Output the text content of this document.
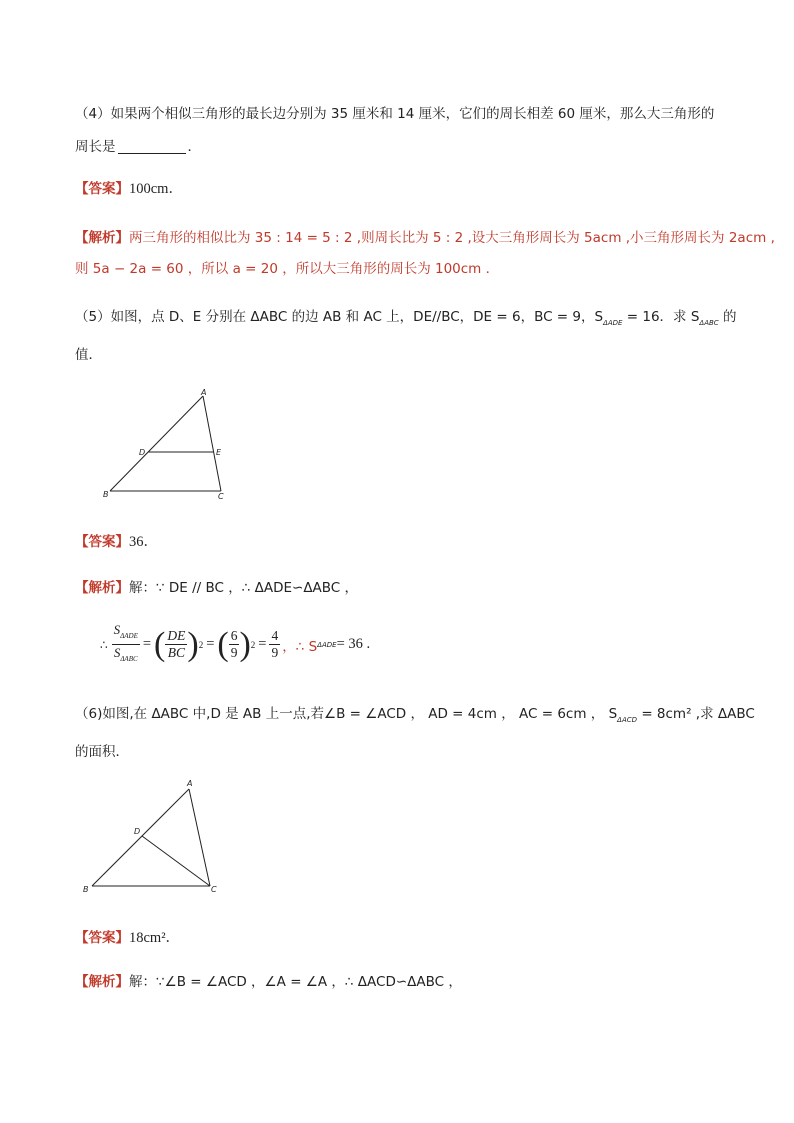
（4）如果两个相似三角形的最长边分别为 35 厘米和 14 厘米，它们的周长相差 60 厘米，那么大三角形的
周长是	．
【答案】100cm．
【解析】两三角形的相似比为 35 : 14 = 5 : 2 ,则周长比为 5 : 2 ,设大三角形周长为 5acm ,小三角形周长为 2acm ,
则 5a − 2a = 60 ，所以 a = 20 ，所以大三角形的周长为 100cm ．
（5）如图，点 D、E 分别在 ΔABC 的边 AB 和 AC 上，DE//BC，DE = 6，BC = 9，$S_{\Delta ADE} = 16$．求 $S_{\Delta ABC}$ 的
值．
A
D	E
B	C
【答案】36．
【解析】解：∵ DE // BC ，∴ ΔADE∽ΔABC ，
∴ $\frac{S_{\Delta ADE}}{S_{\Delta ABC}}$ = ( $\frac{DE}{BC}$ ) 2 = ( $\frac{6}{9}$ ) $2 = \frac{4}{9}$ ，∴ S ΔADE = 36 .
（6)如图,在 ΔABC 中,D 是 AB 上一点,若∠B = ∠ACD ， AD = 4cm ， AC = 6cm ， $S_{\Delta ACD} = 8cm^2$ ,求 ΔABC
的面积．
A
D
B	C
【答案】18cm²．
【解析】解：∵∠B = ∠ACD ，∠A = ∠A ，∴ ΔACD∽ΔABC ，
